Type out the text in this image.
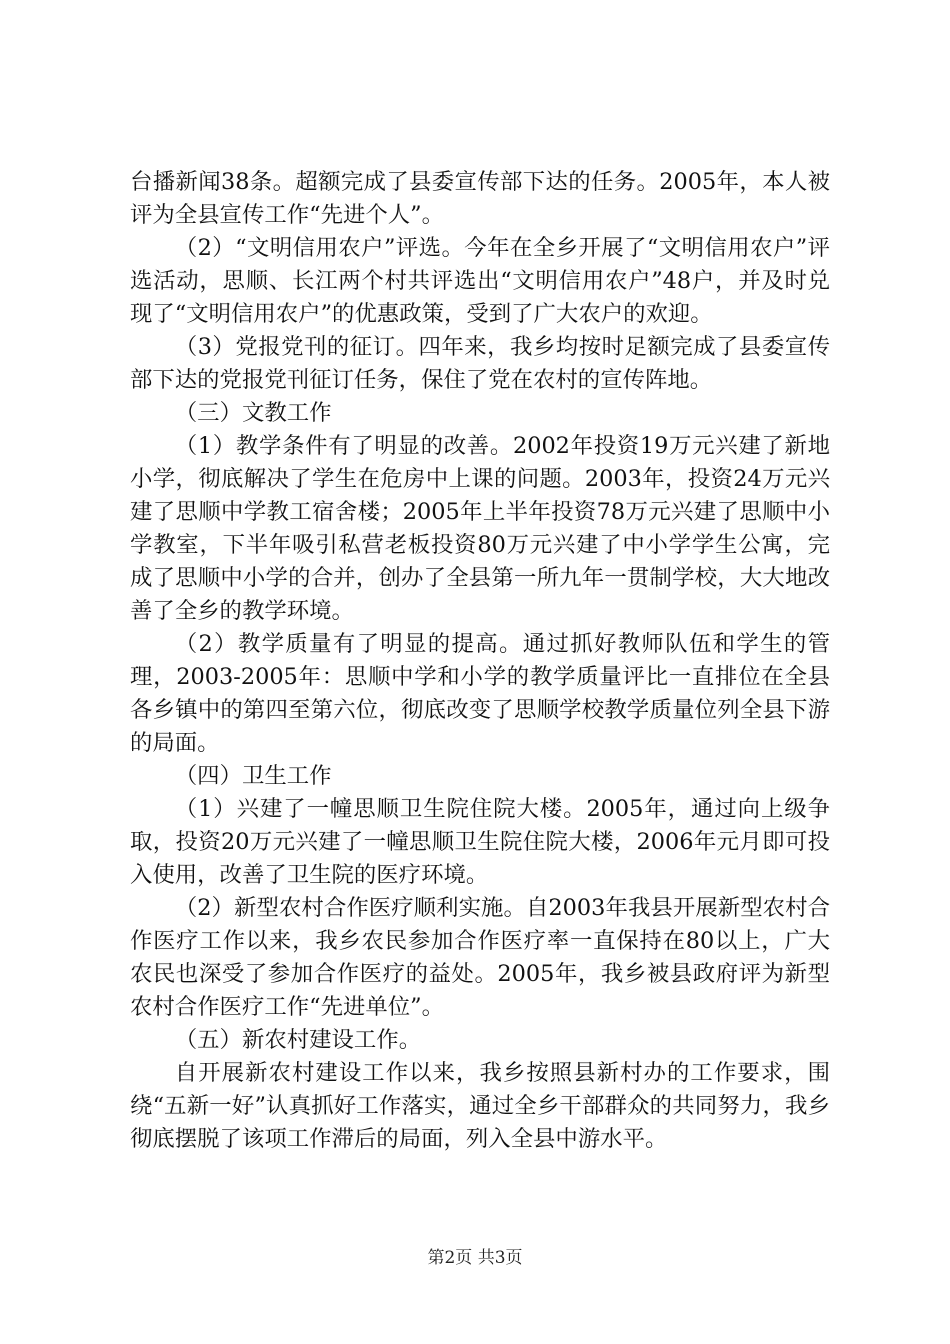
台播新闻38条。超额完成了县委宣传部下达的任务。2005年，本人被评为全县宣传工作“先进个人”。

（2）“文明信用农户”评选。今年在全乡开展了“文明信用农户”评选活动，思顺、长江两个村共评选出“文明信用农户”48户，并及时兑现了“文明信用农户”的优惠政策，受到了广大农户的欢迎。

（3）党报党刊的征订。四年来，我乡均按时足额完成了县委宣传部下达的党报党刊征订任务，保住了党在农村的宣传阵地。

（三）文教工作

（1）教学条件有了明显的改善。2002年投资19万元兴建了新地小学，彻底解决了学生在危房中上课的问题。2003年，投资24万元兴建了思顺中学教工宿舍楼；2005年上半年投资78万元兴建了思顺中小学教室，下半年吸引私营老板投资80万元兴建了中小学学生公寓，完成了思顺中小学的合并，创办了全县第一所九年一贯制学校，大大地改善了全乡的教学环境。

（2）教学质量有了明显的提高。通过抓好教师队伍和学生的管理，2003-2005年：思顺中学和小学的教学质量评比一直排位在全县各乡镇中的第四至第六位，彻底改变了思顺学校教学质量位列全县下游的局面。

（四）卫生工作

（1）兴建了一幢思顺卫生院住院大楼。2005年，通过向上级争取，投资20万元兴建了一幢思顺卫生院住院大楼，2006年元月即可投入使用，改善了卫生院的医疗环境。

（2）新型农村合作医疗顺利实施。自2003年我县开展新型农村合作医疗工作以来，我乡农民参加合作医疗率一直保持在80以上，广大农民也深受了参加合作医疗的益处。2005年，我乡被县政府评为新型农村合作医疗工作“先进单位”。

（五）新农村建设工作。

自开展新农村建设工作以来，我乡按照县新村办的工作要求，围绕“五新一好”认真抓好工作落实，通过全乡干部群众的共同努力，我乡彻底摆脱了该项工作滞后的局面，列入全县中游水平。

第2页 共3页
